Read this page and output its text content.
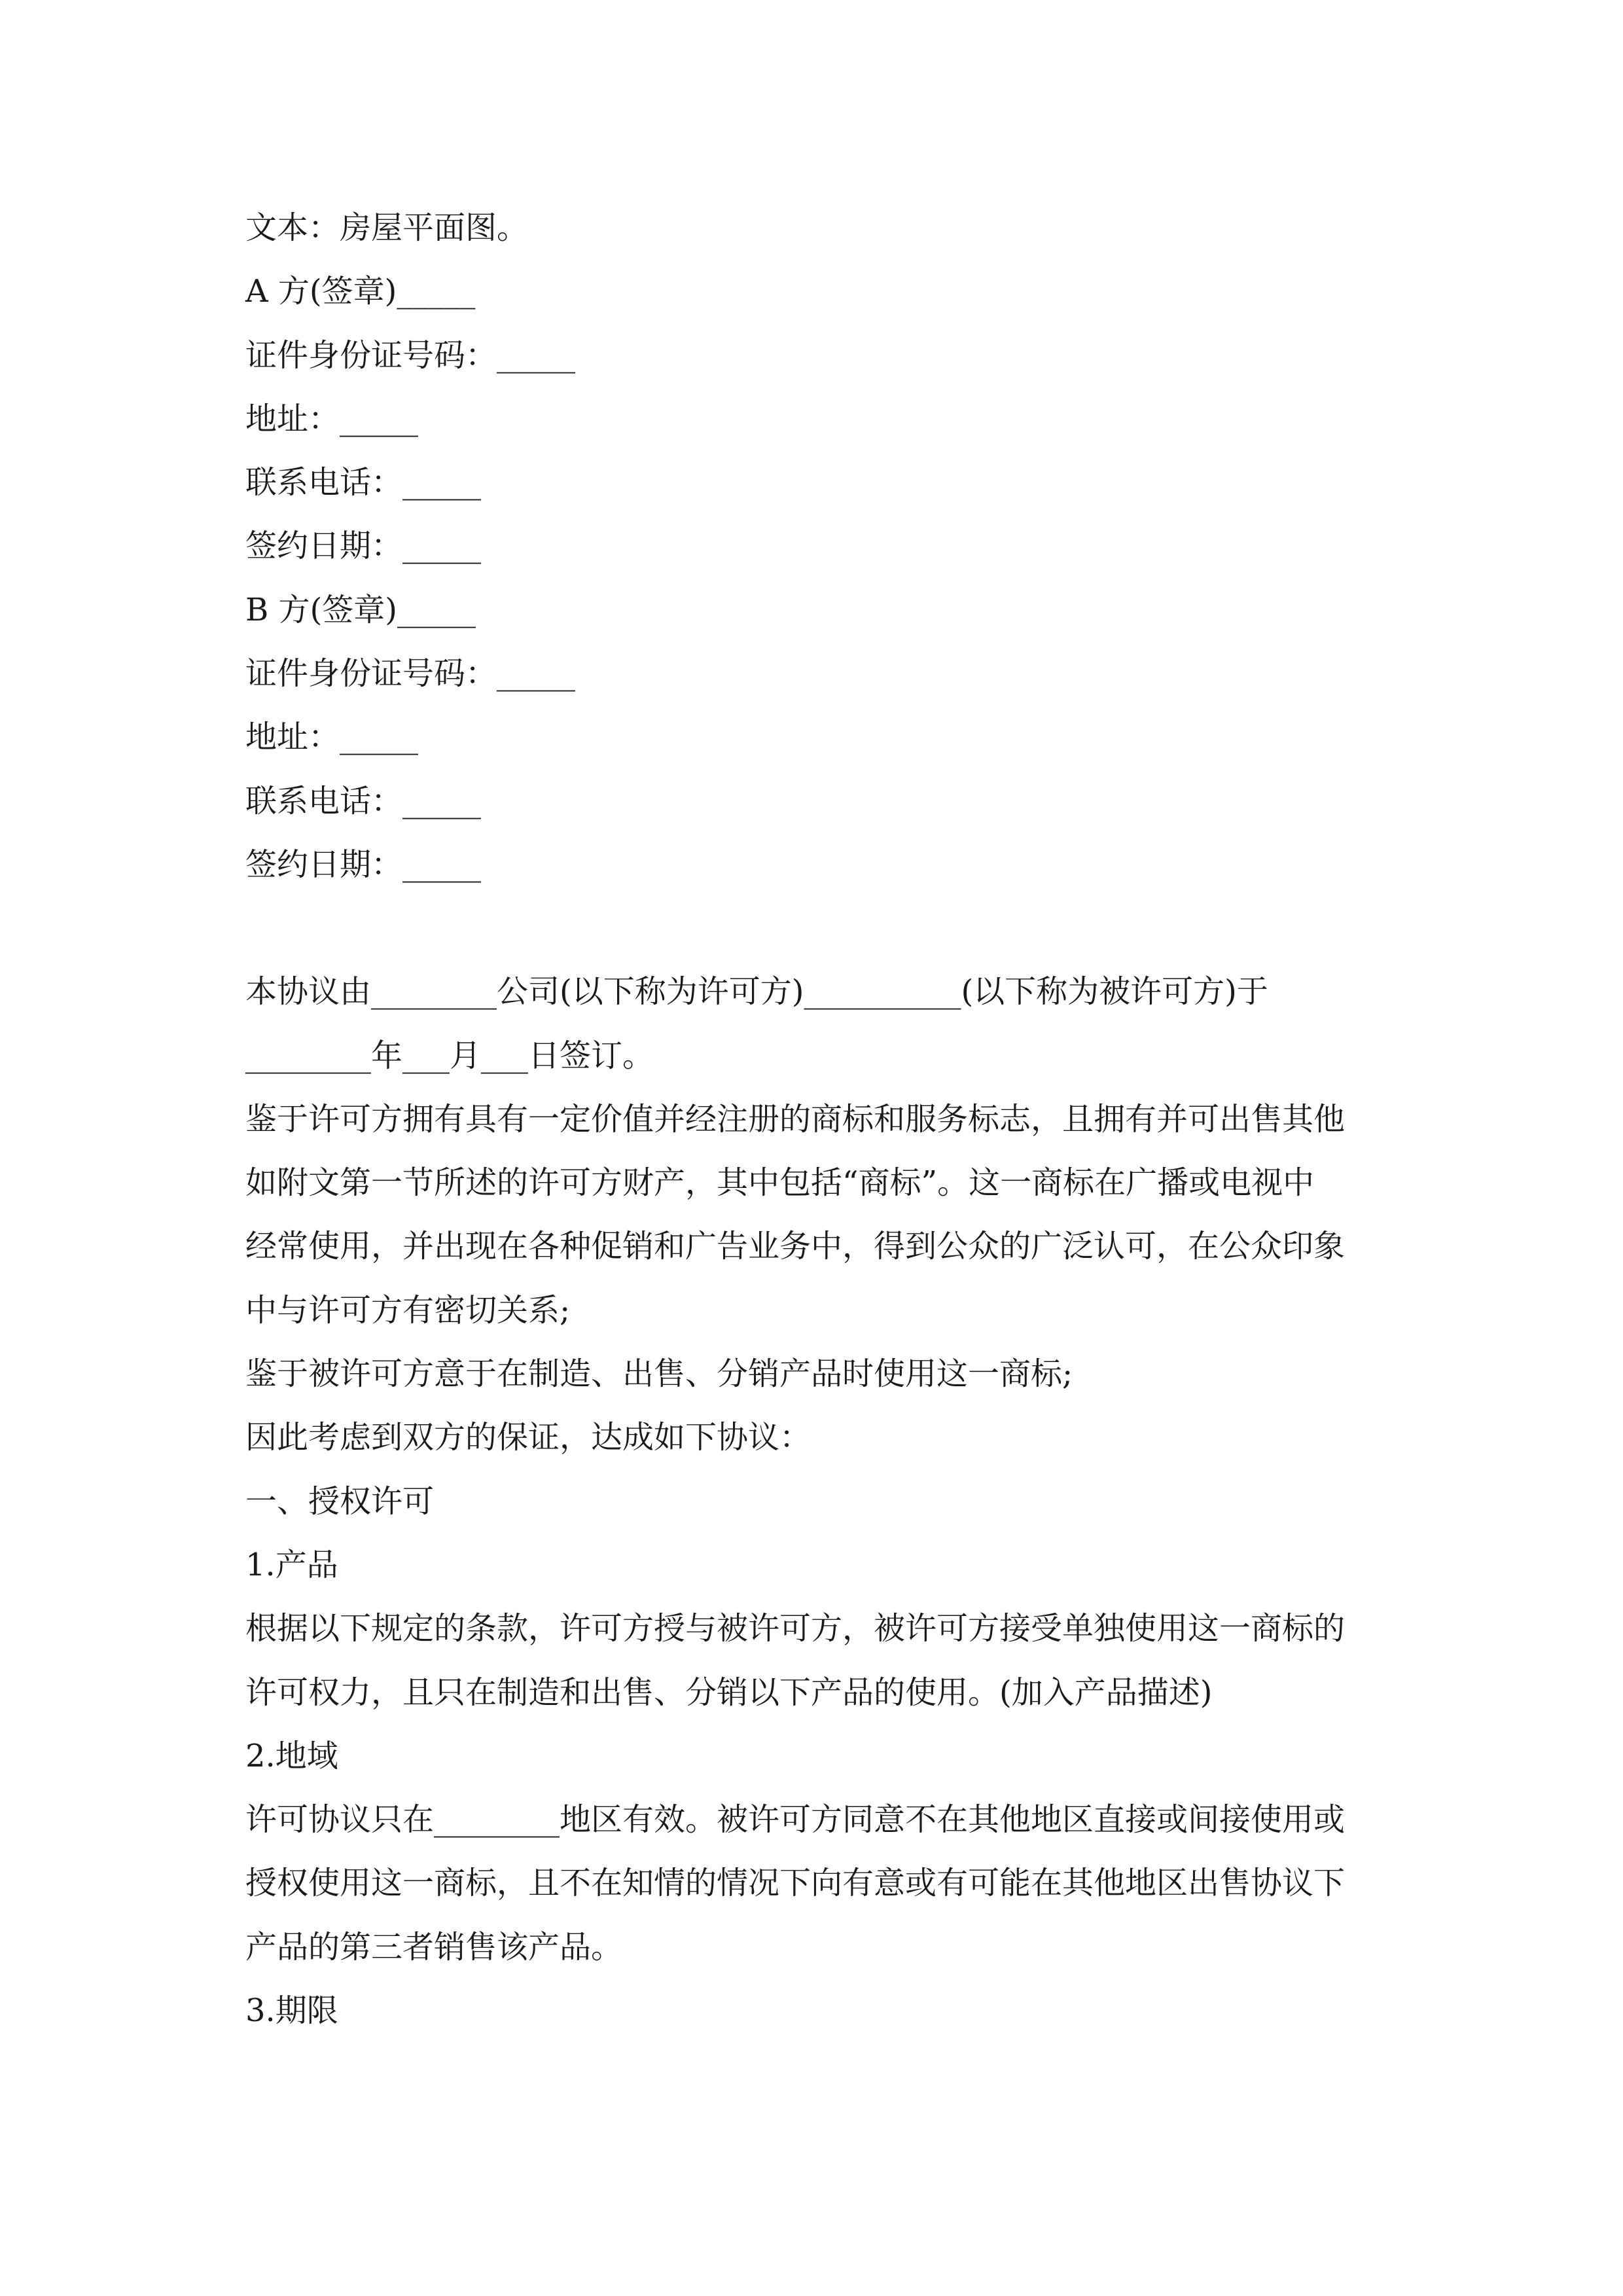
文本：房屋平面图。
A 方(签章)_____
证件身份证号码：_____
地址：_____
联系电话：_____
签约日期：_____
B 方(签章)_____
证件身份证号码：_____
地址：_____
联系电话：_____
签约日期：_____
本协议由________公司(以下称为许可方)__________(以下称为被许可方)于
________年___月___日签订。
鉴于许可方拥有具有一定价值并经注册的商标和服务标志，且拥有并可出售其他
如附文第一节所述的许可方财产，其中包括“商标”。这一商标在广播或电视中
经常使用，并出现在各种促销和广告业务中，得到公众的广泛认可，在公众印象
中与许可方有密切关系;
鉴于被许可方意于在制造、出售、分销产品时使用这一商标;
因此考虑到双方的保证，达成如下协议：
一、授权许可
1.产品
根据以下规定的条款，许可方授与被许可方，被许可方接受单独使用这一商标的
许可权力，且只在制造和出售、分销以下产品的使用。(加入产品描述)
2.地域
许可协议只在________地区有效。被许可方同意不在其他地区直接或间接使用或
授权使用这一商标，且不在知情的情况下向有意或有可能在其他地区出售协议下
产品的第三者销售该产品。
3.期限
